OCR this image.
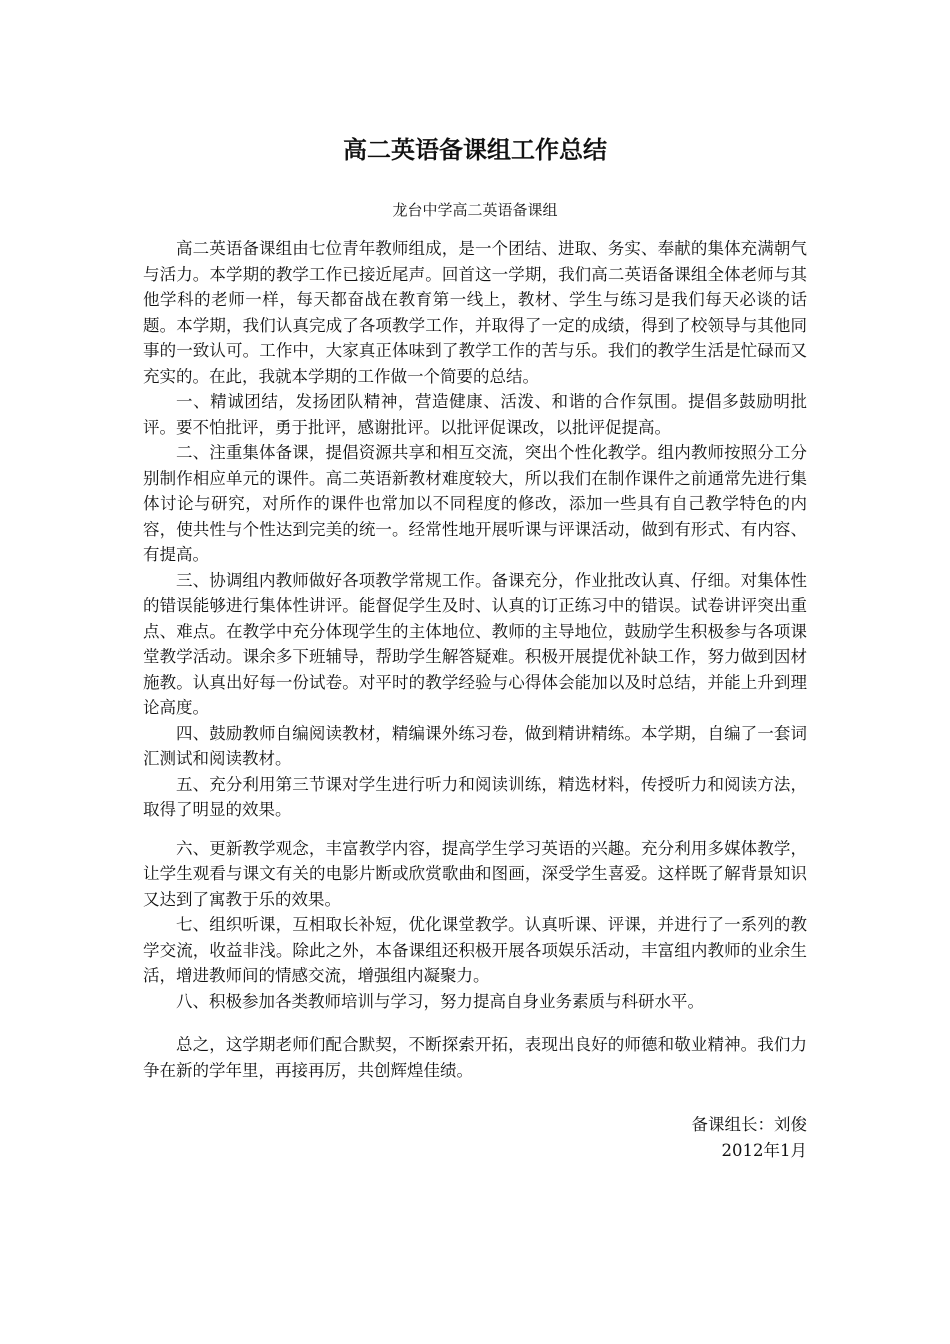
高二英语备课组工作总结
龙台中学高二英语备课组

高二英语备课组由七位青年教师组成，是一个团结、进取、务实、奉献的集体充满朝气与活力。本学期的教学工作已接近尾声。回首这一学期，我们高二英语备课组全体老师与其他学科的老师一样，每天都奋战在教育第一线上，教材、学生与练习是我们每天必谈的话题。本学期，我们认真完成了各项教学工作，并取得了一定的成绩，得到了校领导与其他同事的一致认可。工作中，大家真正体味到了教学工作的苦与乐。我们的教学生活是忙碌而又充实的。在此，我就本学期的工作做一个简要的总结。

一、精诚团结，发扬团队精神，营造健康、活泼、和谐的合作氛围。提倡多鼓励明批评。要不怕批评，勇于批评，感谢批评。以批评促课改，以批评促提高。

二、注重集体备课，提倡资源共享和相互交流，突出个性化教学。组内教师按照分工分别制作相应单元的课件。高二英语新教材难度较大，所以我们在制作课件之前通常先进行集体讨论与研究，对所作的课件也常加以不同程度的修改，添加一些具有自己教学特色的内容，使共性与个性达到完美的统一。经常性地开展听课与评课活动，做到有形式、有内容、有提高。

三、协调组内教师做好各项教学常规工作。备课充分，作业批改认真、仔细。对集体性的错误能够进行集体性讲评。能督促学生及时、认真的订正练习中的错误。试卷讲评突出重点、难点。在教学中充分体现学生的主体地位、教师的主导地位，鼓励学生积极参与各项课堂教学活动。课余多下班辅导，帮助学生解答疑难。积极开展提优补缺工作，努力做到因材施教。认真出好每一份试卷。对平时的教学经验与心得体会能加以及时总结，并能上升到理论高度。

四、鼓励教师自编阅读教材，精编课外练习卷，做到精讲精练。本学期，自编了一套词汇测试和阅读教材。

五、充分利用第三节课对学生进行听力和阅读训练，精选材料，传授听力和阅读方法，取得了明显的效果。

六、更新教学观念，丰富教学内容，提高学生学习英语的兴趣。充分利用多媒体教学，让学生观看与课文有关的电影片断或欣赏歌曲和图画，深受学生喜爱。这样既了解背景知识又达到了寓教于乐的效果。

七、组织听课，互相取长补短，优化课堂教学。认真听课、评课，并进行了一系列的教学交流，收益非浅。除此之外，本备课组还积极开展各项娱乐活动，丰富组内教师的业余生活，增进教师间的情感交流，增强组内凝聚力。

八、积极参加各类教师培训与学习，努力提高自身业务素质与科研水平。

总之，这学期老师们配合默契，不断探索开拓，表现出良好的师德和敬业精神。我们力争在新的学年里，再接再厉，共创辉煌佳绩。

备课组长：刘俊
2012年1月
